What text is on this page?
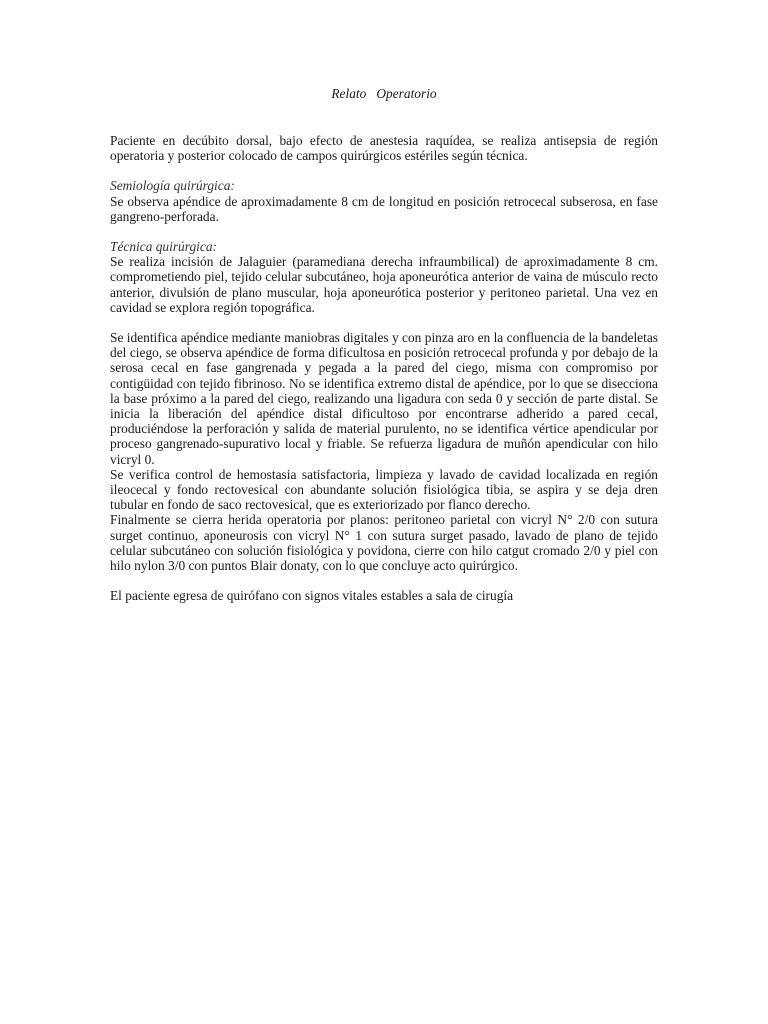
Relato   Operatorio

Paciente en decúbito dorsal, bajo efecto de anestesia raquídea, se realiza antisepsia de región operatoria y posterior colocado de campos quirúrgicos estériles según técnica.

Semiología quirúrgica:

Se observa apéndice de aproximadamente 8 cm de longitud en posición retrocecal subserosa, en fase gangreno-perforada.

Técnica quirúrgica:

Se realiza incisión de Jalaguier (paramediana derecha infraumbilical) de aproximadamente 8 cm. comprometiendo piel, tejido celular subcutáneo, hoja aponeurótica anterior de vaina de músculo recto anterior, divulsión de plano muscular, hoja aponeurótica posterior y peritoneo parietal. Una vez en cavidad se explora región topográfica.

Se identifica apéndice mediante maniobras digitales y con pinza aro en la confluencia de la bandeletas del ciego, se observa apéndice de forma dificultosa en posición retrocecal profunda y por debajo de la serosa cecal en fase gangrenada y pegada a la pared del ciego, misma con compromiso por contigüidad con tejido fibrinoso. No se identifica extremo distal de apéndice, por lo que se disecciona la base próximo a la pared del ciego, realizando una ligadura con seda 0 y sección de parte distal. Se inicia la liberación del apéndice distal dificultoso por encontrarse adherido a pared cecal, produciéndose la perforación y salida de material purulento, no se identifica vértice apendicular por proceso gangrenado-supurativo local y friable. Se refuerza ligadura de muñón apendicular con hilo vicryl 0.

Se verifica control de hemostasia satisfactoria, limpieza y lavado de cavidad localizada en región ileocecal y fondo rectovesical con abundante solución fisiológica tibia, se aspira y se deja dren tubular en fondo de saco rectovesical, que es exteriorizado por flanco derecho.

Finalmente se cierra herida operatoria por planos: peritoneo parietal con vicryl N° 2/0 con sutura surget continuo, aponeurosis con vicryl N° 1 con sutura surget pasado, lavado de plano de tejido celular subcutáneo con solución fisiológica y povidona, cierre con hilo catgut cromado 2/0 y piel con hilo nylon 3/0 con puntos Blair donaty, con lo que concluye acto quirúrgico.

El paciente egresa de quirófano con signos vitales estables a sala de cirugía
